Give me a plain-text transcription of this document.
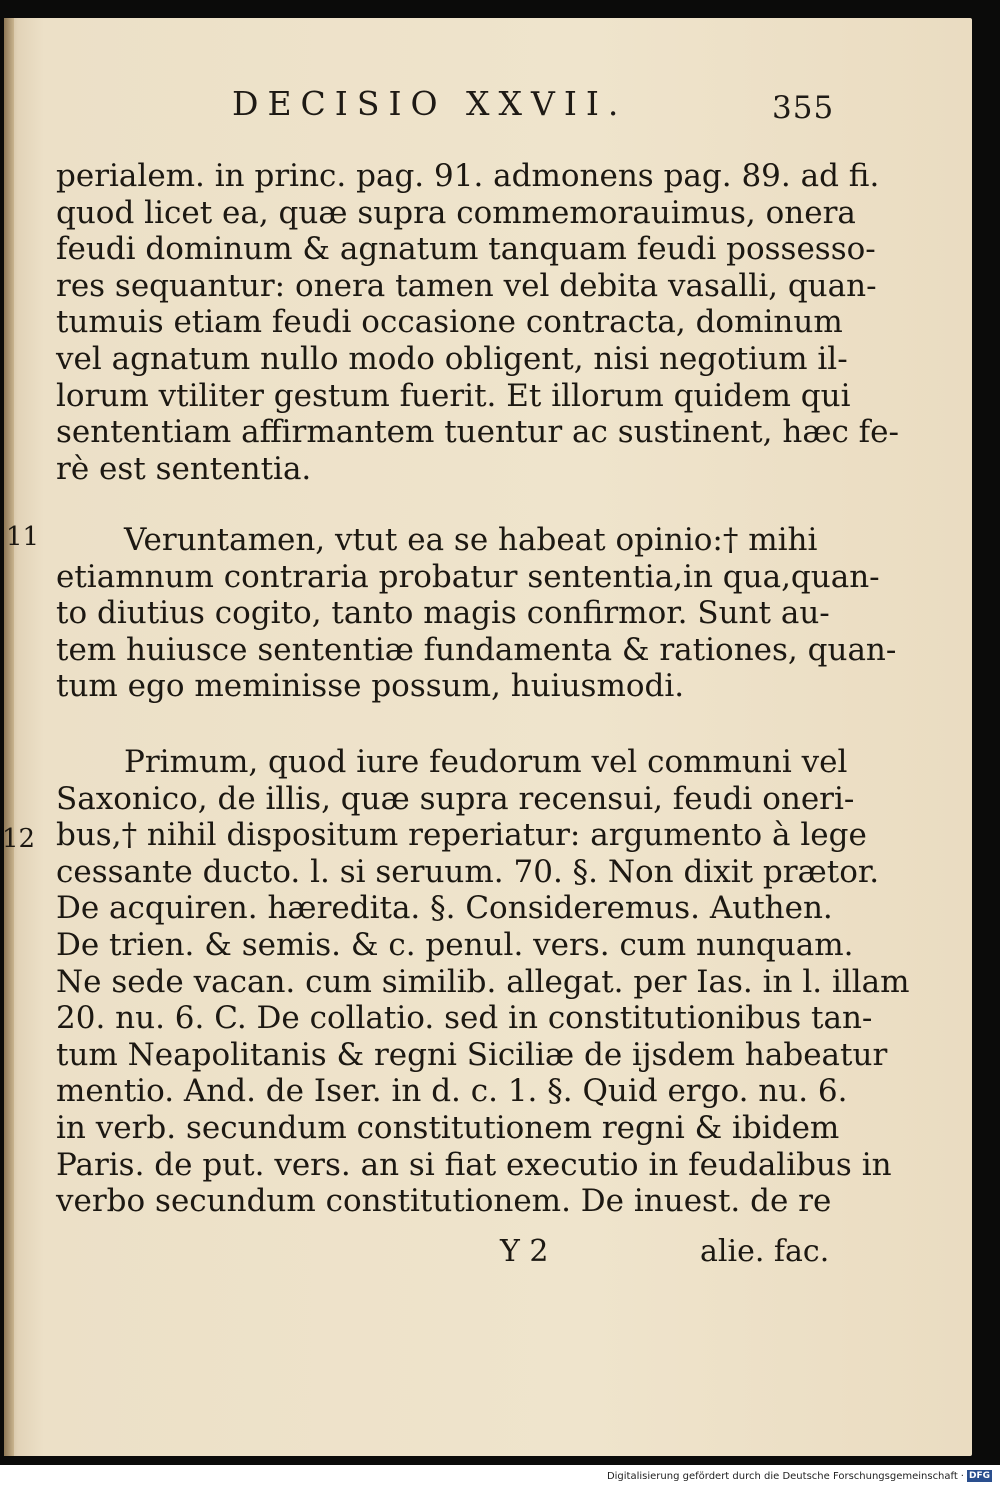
DECISIO XXVII.	355
perialem. in princ. pag. 91. admonens pag. 89. ad fi.
quod licet ea, quæ supra commemorauimus, onera
feudi dominum & agnatum tanquam feudi possesso-
res sequantur: onera tamen vel debita vasalli, quan-
tumuis etiam feudi occasione contracta, dominum
vel agnatum nullo modo obligent, nisi negotium il-
lorum vtiliter gestum fuerit. Et illorum quidem qui
sententiam affirmantem tuentur ac sustinent, hæc fe-
rè est sententia.
Veruntamen, vtut ea se habeat opinio:† mihi
etiamnum contraria probatur sententia,in qua,quan-
to diutius cogito, tanto magis confirmor. Sunt au-
tem huiusce sententiæ fundamenta & rationes, quan-
tum ego meminisse possum, huiusmodi.
Primum, quod iure feudorum vel communi vel
Saxonico, de illis, quæ supra recensui, feudi oneri-
bus,† nihil dispositum reperiatur: argumento à lege
cessante ducto. l. si seruum. 70. §. Non dixit prætor.
De acquiren. hæredita. §. Consideremus. Authen.
De trien. & semis. & c. penul. vers. cum nunquam.
Ne sede vacan. cum similib. allegat. per Ias. in l. illam
20. nu. 6. C. De collatio. sed in constitutionibus tan-
tum Neapolitanis & regni Siciliæ de ijsdem habeatur
mentio. And. de Iser. in d. c. 1. §. Quid ergo. nu. 6.
in verb. secundum constitutionem regni & ibidem
Paris. de put. vers. an si fiat executio in feudalibus in
verbo secundum constitutionem. De inuest. de re
11
12
Y 2	alie. fac.
Digitalisierung gefördert durch die Deutsche Forschungsgemeinschaft · DFG
